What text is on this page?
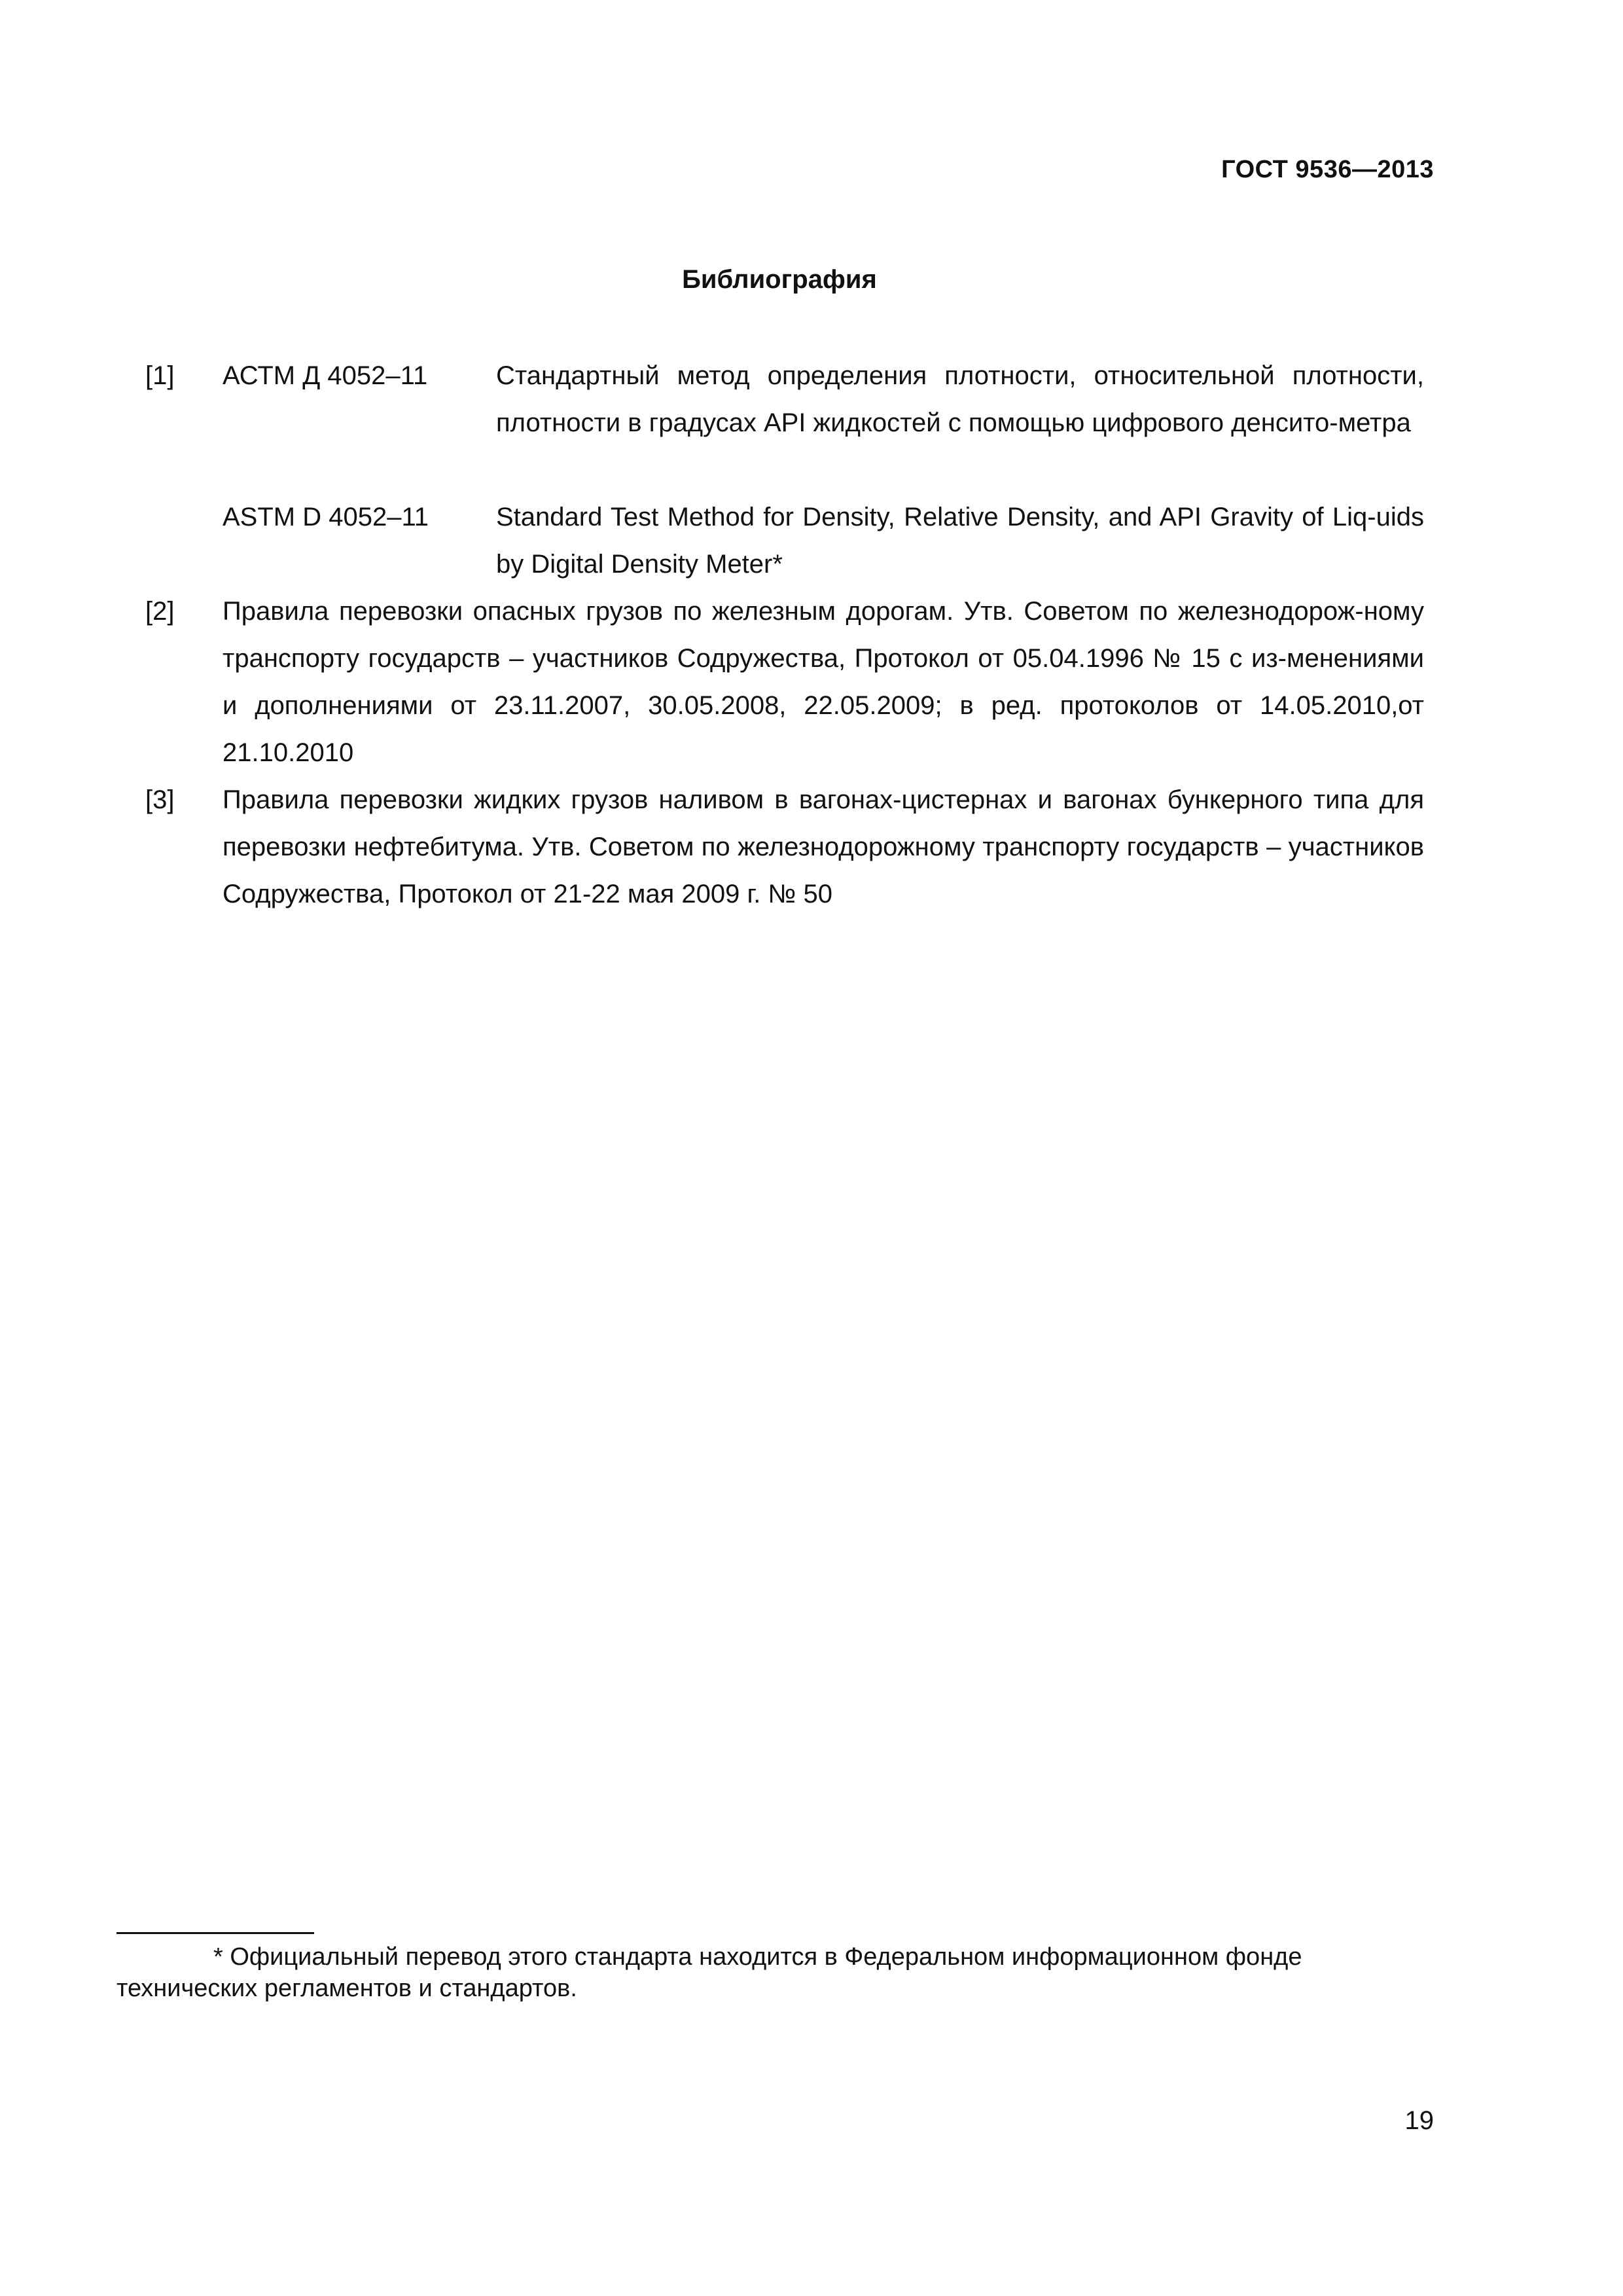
ГОСТ 9536—2013
Библиография
[1] АСТМ Д 4052–11	Стандартный метод определения плотности, относительной плотности, плотности в градусах API жидкостей с помощью цифрового денсито-метра
ASTM D 4052–11	Standard Test Method for Density, Relative Density, and API Gravity of Liq-uids by Digital Density Meter*
[2] Правила перевозки опасных грузов по железным дорогам. Утв. Советом по железнодорож-ному транспорту государств – участников Содружества, Протокол от 05.04.1996 № 15 с из-менениями и дополнениями от 23.11.2007, 30.05.2008, 22.05.2009; в ред. протоколов от 14.05.2010,от 21.10.2010
[3] Правила перевозки жидких грузов наливом в вагонах-цистернах и вагонах бункерного типа для перевозки нефтебитума. Утв. Советом по железнодорожному транспорту государств – участников Содружества, Протокол от 21-22 мая 2009 г. № 50
* Официальный перевод этого стандарта находится в Федеральном информационном фонде технических регламентов и стандартов.
19
